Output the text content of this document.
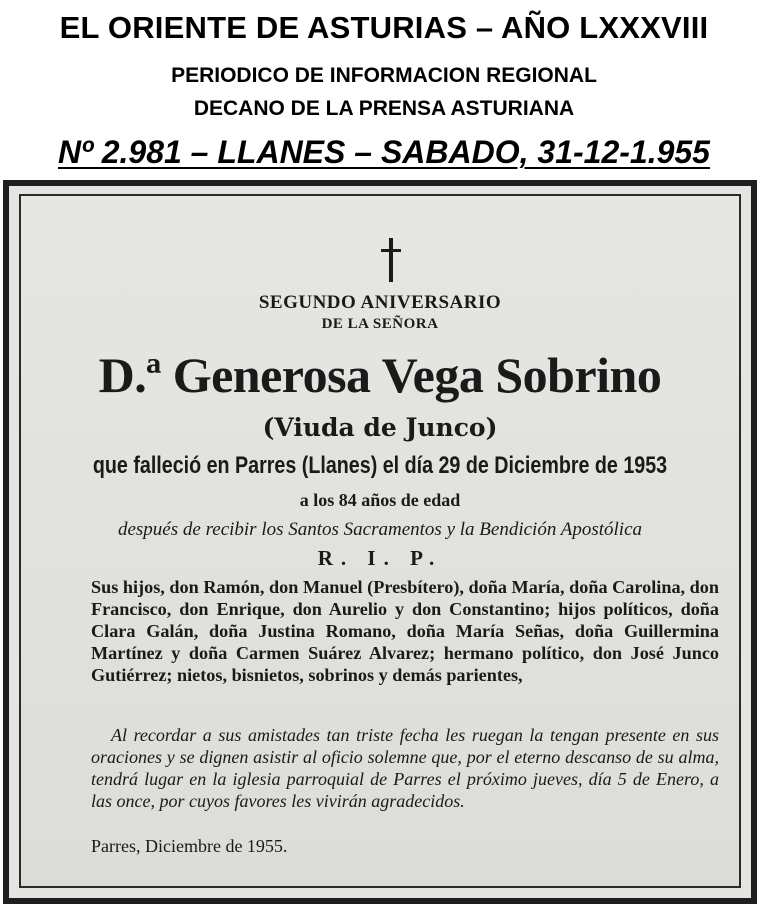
EL ORIENTE DE ASTURIAS – AÑO LXXXVIII
PERIODICO DE INFORMACION REGIONAL
DECANO DE LA PRENSA ASTURIANA
Nº 2.981 – LLANES – SABADO, 31-12-1.955
SEGUNDO ANIVERSARIO
DE LA SEÑORA
D.ª Generosa Vega Sobrino
(Viuda de Junco)
que falleció en Parres (Llanes) el día 29 de Diciembre de 1953
a los 84 años de edad
después de recibir los Santos Sacramentos y la Bendición Apostólica
R. I. P.
Sus hijos, don Ramón, don Manuel (Presbítero), doña María, doña Carolina, don Francisco, don Enrique, don Aurelio y don Constantino; hijos políticos, doña Clara Galán, doña Justina Romano, doña María Señas, doña Guillermina Martínez y doña Carmen Suárez Alvarez; hermano político, don José Junco Gutiérrez; nietos, bisnietos, sobrinos y demás parientes,
Al recordar a sus amistades tan triste fecha les ruegan la tengan presente en sus oraciones y se dignen asistir al oficio solemne que, por el eterno descanso de su alma, tendrá lugar en la iglesia parroquial de Parres el próximo jueves, día 5 de Enero, a las once, por cuyos favores les vivirán agradecidos.
Parres, Diciembre de 1955.
